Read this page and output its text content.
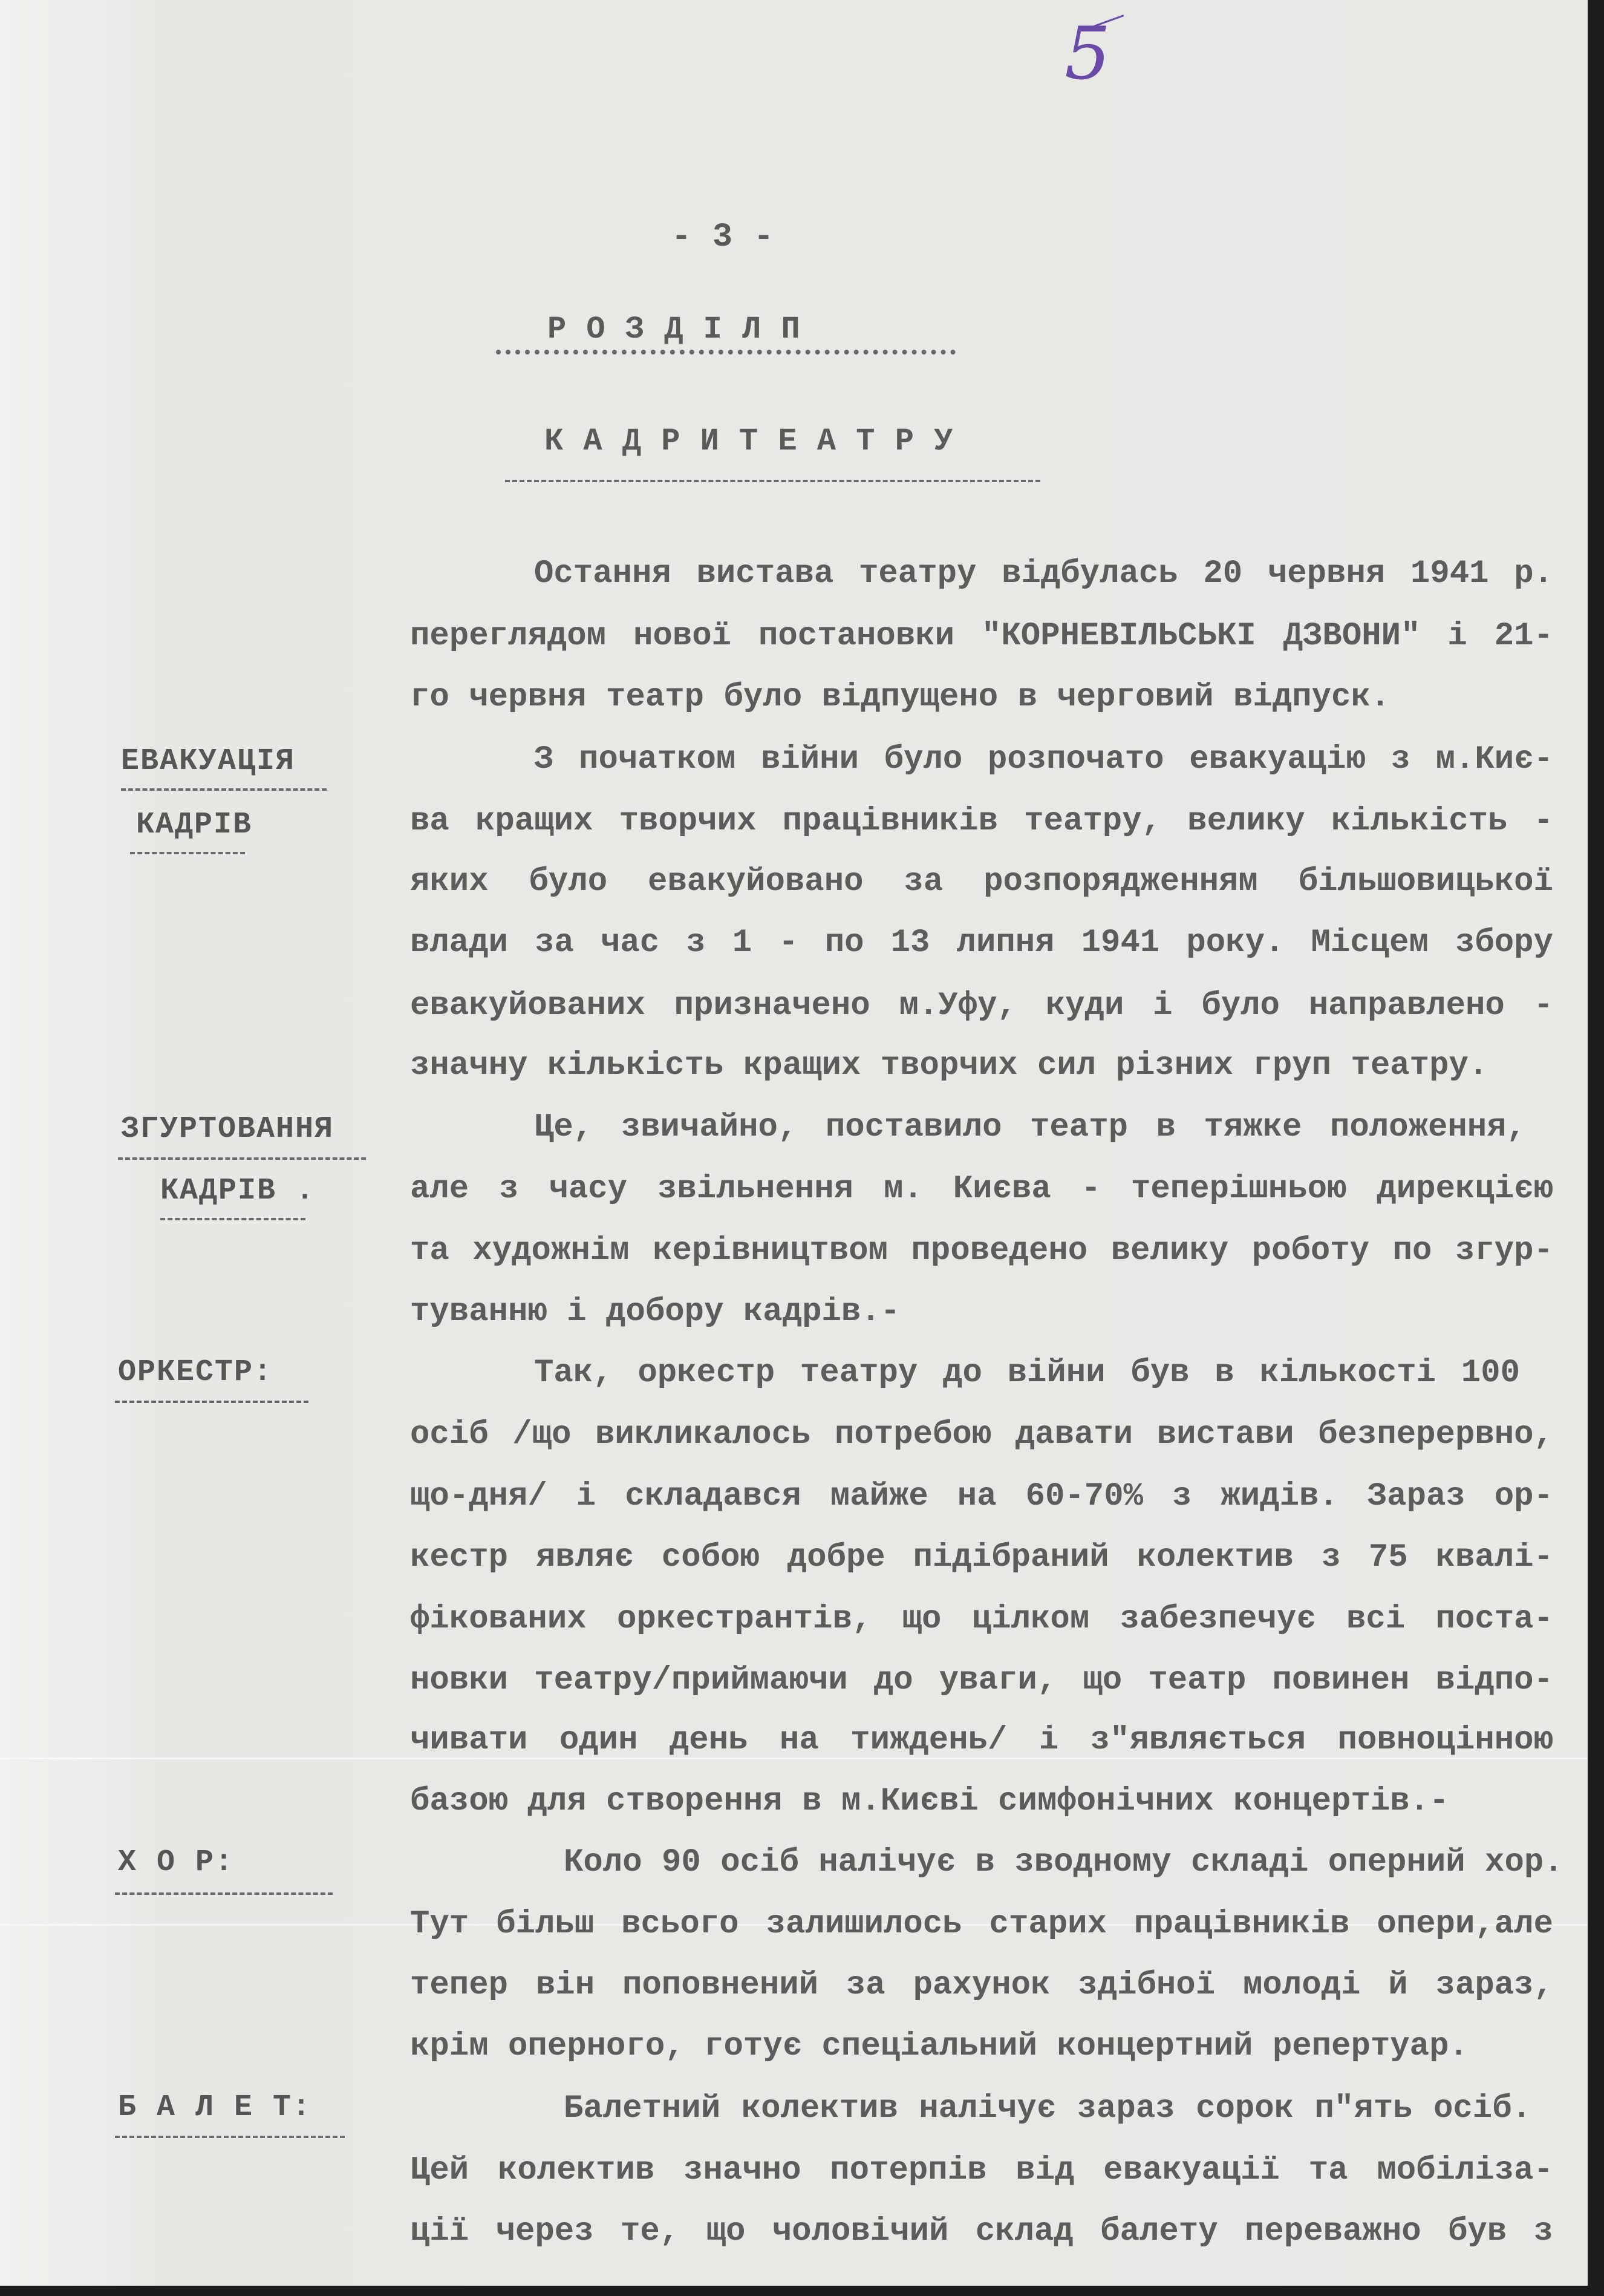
5
- 3 -
Р О З Д І Л П
К А Д Р И Т Е А Т Р У
ЕВАКУАЦІЯ
КАДРІВ
ЗГУРТОВАННЯ
КАДРІВ .
ОРКЕСТР:
Х О Р:
Б А Л Е Т:
Остання вистава театру відбулась 20 червня 1941 р.
переглядом нової постановки "КОРНЕВІЛЬСЬКІ ДЗВОНИ" і 21-
го червня театр було відпущено в черговий відпуск.
З початком війни було розпочато евакуацію з м.Киє-
ва кращих творчих працівників театру, велику кількість -
яких було евакуйовано за розпорядженням більшовицької
влади за час з 1 - по 13 липня 1941 року. Місцем збору
евакуйованих призначено м.Уфу, куди і було направлено -
значну кількість кращих творчих сил різних груп театру.
Це, звичайно, поставило театр в тяжке положення,
але з часу звільнення м. Києва - теперішньою дирекцією
та художнім керівництвом проведено велику роботу по згур-
туванню і добору кадрів.-
Так, оркестр театру до війни був в кількості 100
осіб /що викликалось потребою давати вистави безперервно,
що-дня/ і складався майже на 60-70% з жидів. Зараз ор-
кестр являє собою добре підібраний колектив з 75 квалі-
фікованих оркестрантів, що цілком забезпечує всі поста-
новки театру/приймаючи до уваги, що театр повинен відпо-
чивати один день на тиждень/ і з"являється повноцінною
базою для створення в м.Києві симфонічних концертів.-
Коло 90 осіб налічує в зводному складі оперний хор.
Тут більш всього залишилось старих працівників опери,але
тепер він поповнений за рахунок здібної молоді й зараз,
крім оперного, готує спеціальний концертний репертуар.
Балетний колектив налічує зараз сорок п"ять осіб.
Цей колектив значно потерпів від евакуації та мобіліза-
ції через те, що чоловічий склад балету переважно був з
